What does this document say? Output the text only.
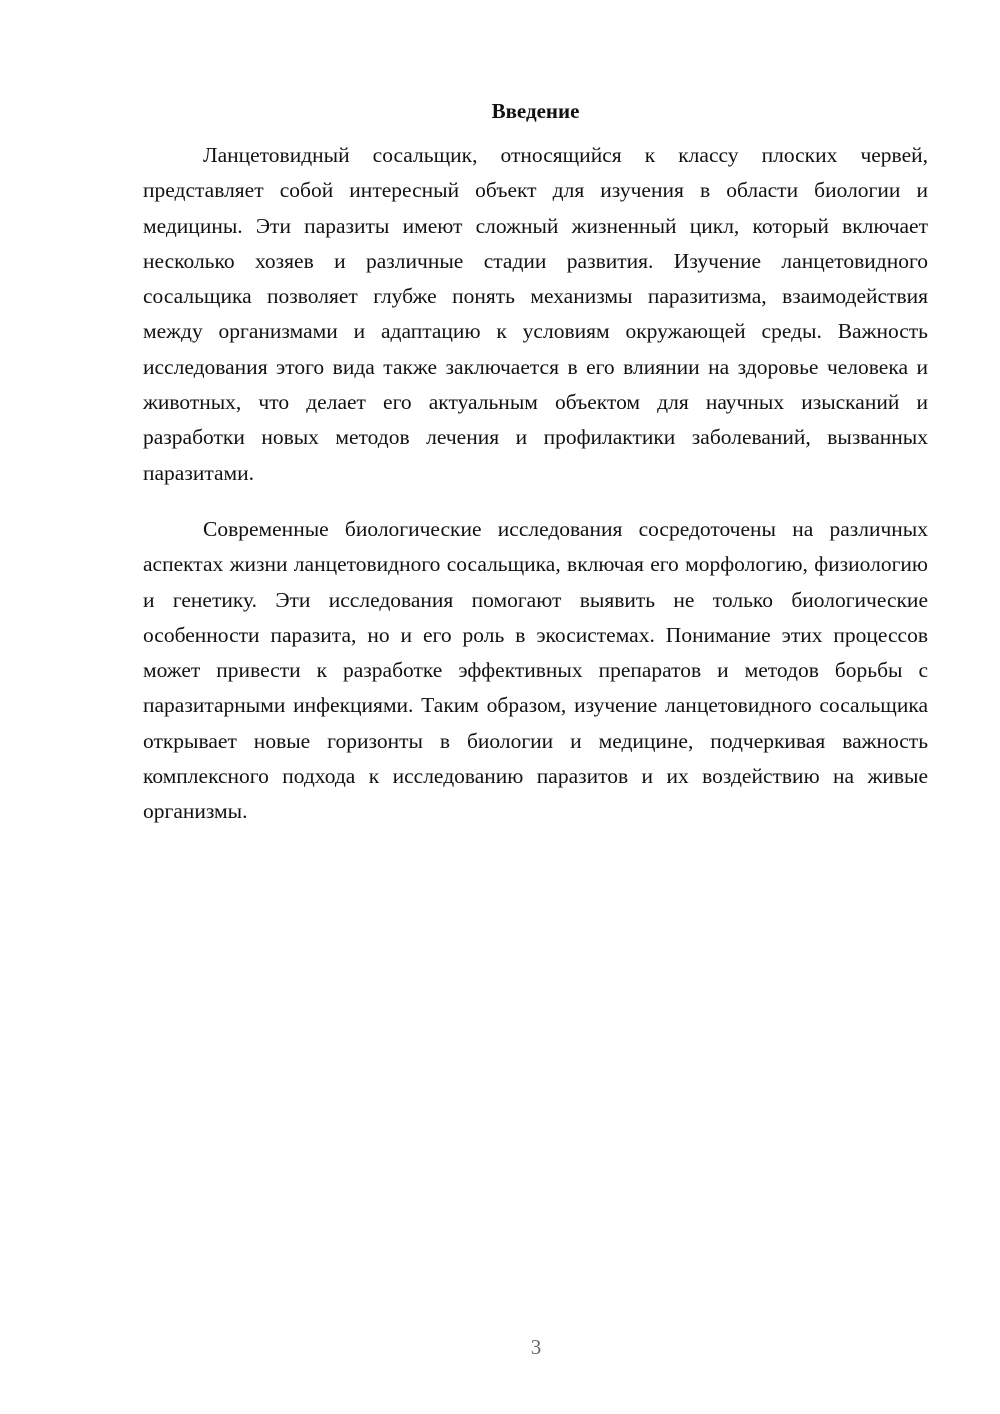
Введение

Ланцетовидный сосальщик, относящийся к классу плоских червей, представляет собой интересный объект для изучения в области биологии и медицины. Эти паразиты имеют сложный жизненный цикл, который включает несколько хозяев и различные стадии развития. Изучение ланцетовидного сосальщика позволяет глубже понять механизмы паразитизма, взаимодействия между организмами и адаптацию к условиям окружающей среды. Важность исследования этого вида также заключается в его влиянии на здоровье человека и животных, что делает его актуальным объектом для научных изысканий и разработки новых методов лечения и профилактики заболеваний, вызванных паразитами.

Современные биологические исследования сосредоточены на различных аспектах жизни ланцетовидного сосальщика, включая его морфологию, физиологию и генетику. Эти исследования помогают выявить не только биологические особенности паразита, но и его роль в экосистемах. Понимание этих процессов может привести к разработке эффективных препаратов и методов борьбы с паразитарными инфекциями. Таким образом, изучение ланцетовидного сосальщика открывает новые горизонты в биологии и медицине, подчеркивая важность комплексного подхода к исследованию паразитов и их воздействию на живые организмы.

3
